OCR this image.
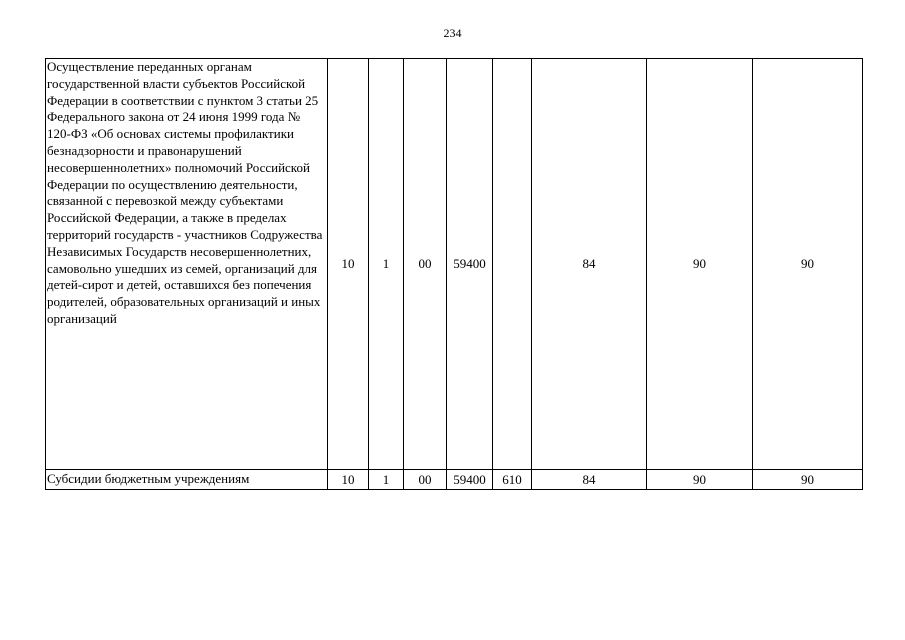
234
Осуществление переданных органам государственной власти субъектов Российской Федерации в соответствии с пунктом 3 статьи 25 Федерального закона от 24 июня 1999 года № 120-ФЗ «Об основах системы профилактики безнадзорности и правонарушений несовершеннолетних» полномочий Российской Федерации по осуществлению деятельности, связанной с перевозкой между субъектами Российской Федерации, а также в пределах территорий государств - участников Содружества Независимых Государств несовершеннолетних, самовольно ушедших из семей, организаций для детей-сирот и детей, оставшихся без попечения родителей, образовательных организаций и иных организаций	10	1	00	59400		84	90	90
Субсидии бюджетным учреждениям	10	1	00	59400	610	84	90	90
